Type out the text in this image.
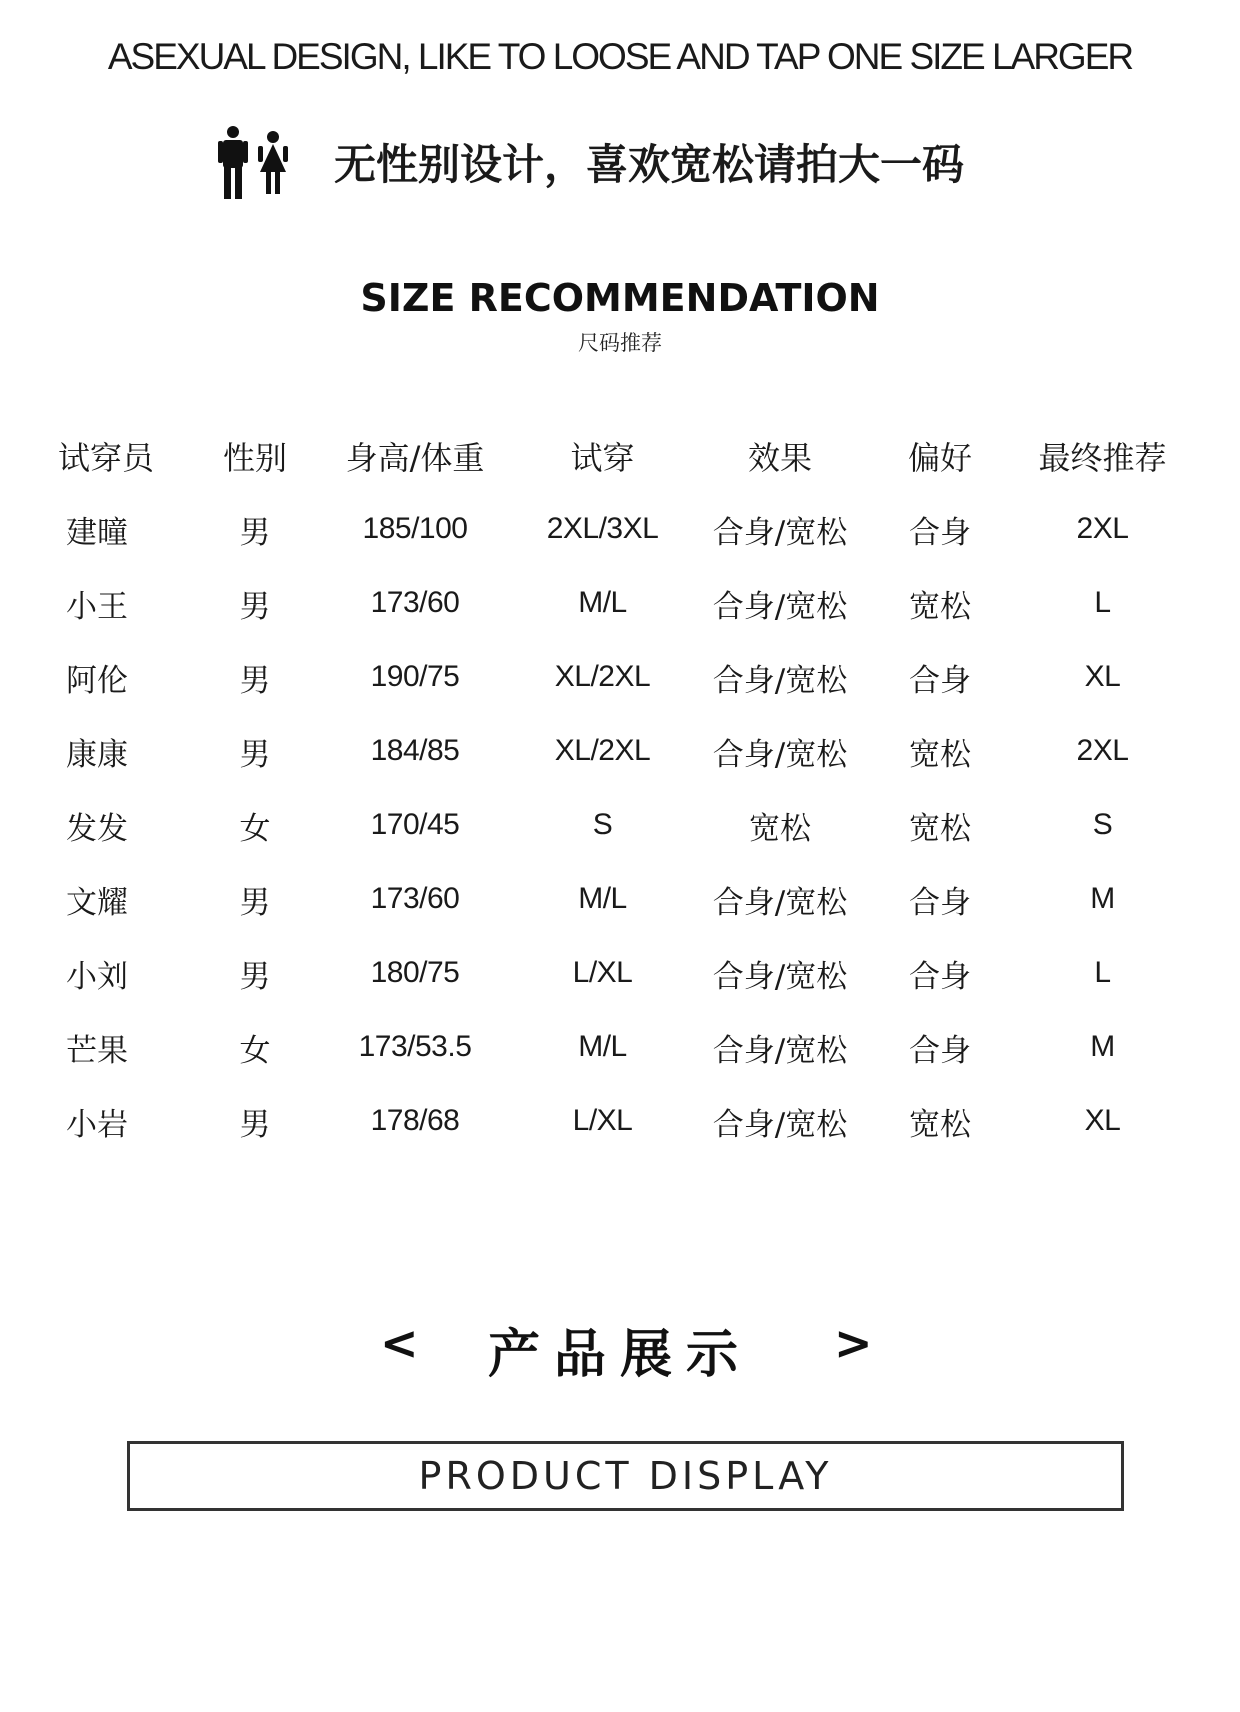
ASEXUAL DESIGN, LIKE TO LOOSE AND TAP ONE SIZE LARGER
无性别设计，喜欢宽松请拍大一码
SIZE RECOMMENDATION
尺码推荐
试穿员	性别	身高/体重	试穿	效果	偏好	最终推荐
建曈	男	185/100	2XL/3XL	合身/宽松	合身	2XL
小王	男	173/60	M/L	合身/宽松	宽松	L
阿伦	男	190/75	XL/2XL	合身/宽松	合身	XL
康康	男	184/85	XL/2XL	合身/宽松	宽松	2XL
发发	女	170/45	S	宽松	宽松	S
文耀	男	173/60	M/L	合身/宽松	合身	M
小刘	男	180/75	L/XL	合身/宽松	合身	L
芒果	女	173/53.5	M/L	合身/宽松	合身	M
小岩	男	178/68	L/XL	合身/宽松	宽松	XL
<	产品展示	>
PRODUCT DISPLAY
